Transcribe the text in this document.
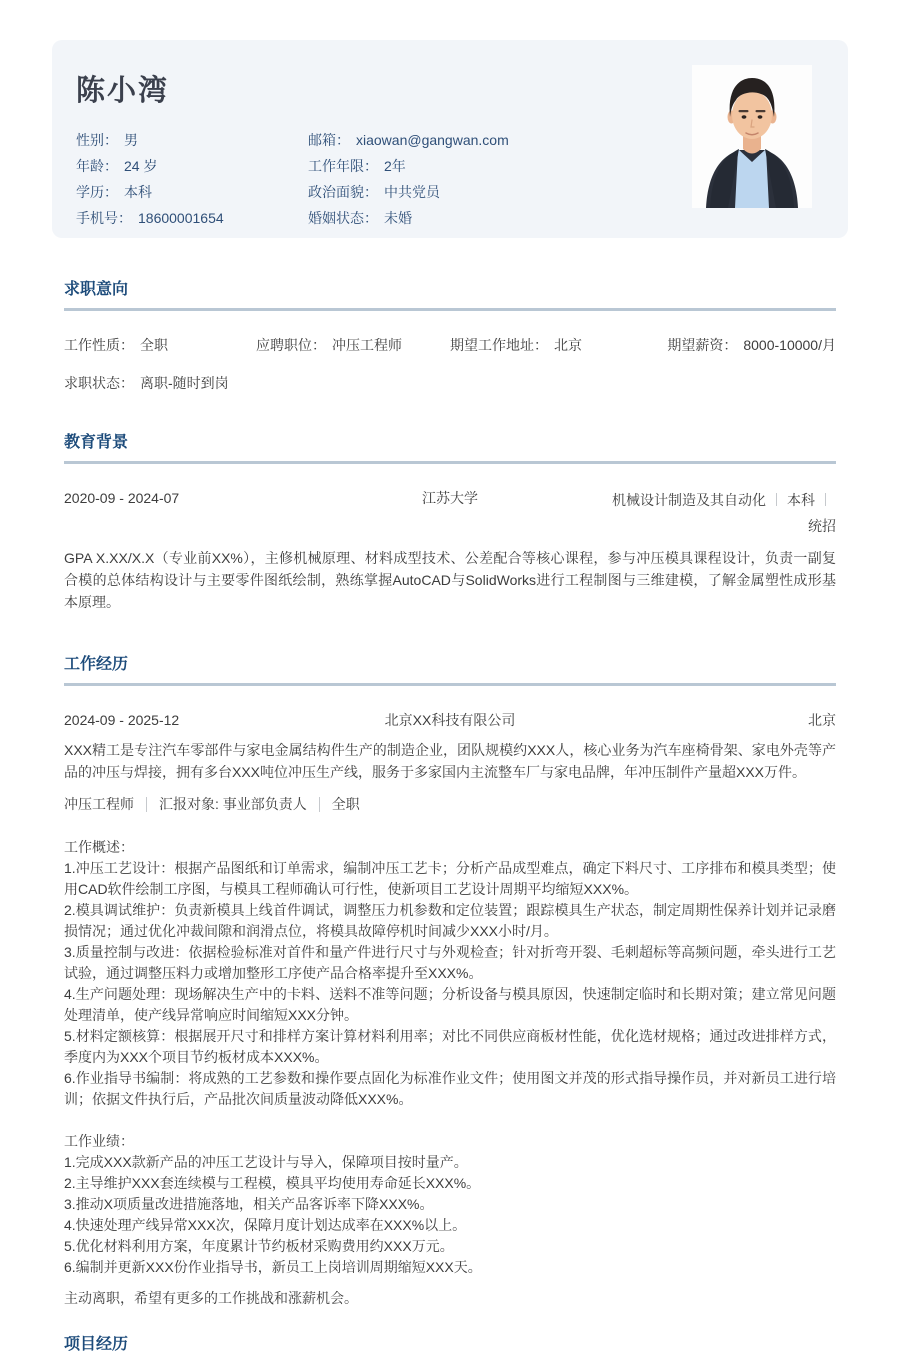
陈小湾
性别： 男
年龄： 24 岁
学历： 本科
手机号： 18600001654
邮箱： xiaowan@gangwan.com
工作年限： 2年
政治面貌： 中共党员
婚姻状态： 未婚
求职意向
工作性质： 全职	应聘职位： 冲压工程师	期望工作地址： 北京	期望薪资： 8000-10000/月
求职状态： 离职-随时到岗
教育背景
2020-09 - 2024-07	江苏大学	机械设计制造及其自动化 本科统招
GPA X.XX/X.X（专业前XX%），主修机械原理、材料成型技术、公差配合等核心课程，参与冲压模具课程设计，负责一副复合模的总体结构设计与主要零件图纸绘制，熟练掌握AutoCAD与SolidWorks进行工程制图与三维建模，了解金属塑性成形基本原理。
工作经历
2024-09 - 2025-12	北京XX科技有限公司	北京
XXX精工是专注汽车零部件与家电金属结构件生产的制造企业，团队规模约XXX人，核心业务为汽车座椅骨架、家电外壳等产品的冲压与焊接，拥有多台XXX吨位冲压生产线，服务于多家国内主流整车厂与家电品牌，年冲压制件产量超XXX万件。
冲压工程师 汇报对象: 事业部负责人 全职
工作概述：
1.冲压工艺设计：根据产品图纸和订单需求，编制冲压工艺卡；分析产品成型难点，确定下料尺寸、工序排布和模具类型；使用CAD软件绘制工序图，与模具工程师确认可行性，使新项目工艺设计周期平均缩短XXX%。
2.模具调试维护：负责新模具上线首件调试，调整压力机参数和定位装置；跟踪模具生产状态，制定周期性保养计划并记录磨损情况；通过优化冲裁间隙和润滑点位，将模具故障停机时间减少XXX小时/月。
3.质量控制与改进：依据检验标准对首件和量产件进行尺寸与外观检查；针对折弯开裂、毛刺超标等高频问题，牵头进行工艺试验，通过调整压料力或增加整形工序使产品合格率提升至XXX%。
4.生产问题处理：现场解决生产中的卡料、送料不准等问题；分析设备与模具原因，快速制定临时和长期对策；建立常见问题处理清单，使产线异常响应时间缩短XXX分钟。
5.材料定额核算：根据展开尺寸和排样方案计算材料利用率；对比不同供应商板材性能，优化选材规格；通过改进排样方式，季度内为XXX个项目节约板材成本XXX%。
6.作业指导书编制：将成熟的工艺参数和操作要点固化为标准作业文件；使用图文并茂的形式指导操作员，并对新员工进行培训；依据文件执行后，产品批次间质量波动降低XXX%。
工作业绩：
1.完成XXX款新产品的冲压工艺设计与导入，保障项目按时量产。
2.主导维护XXX套连续模与工程模，模具平均使用寿命延长XXX%。
3.推动X项质量改进措施落地，相关产品客诉率下降XXX%。
4.快速处理产线异常XXX次，保障月度计划达成率在XXX%以上。
5.优化材料利用方案，年度累计节约板材采购费用约XXX万元。
6.编制并更新XXX份作业指导书，新员工上岗培训周期缩短XXX天。
主动离职，希望有更多的工作挑战和涨薪机会。
项目经历
